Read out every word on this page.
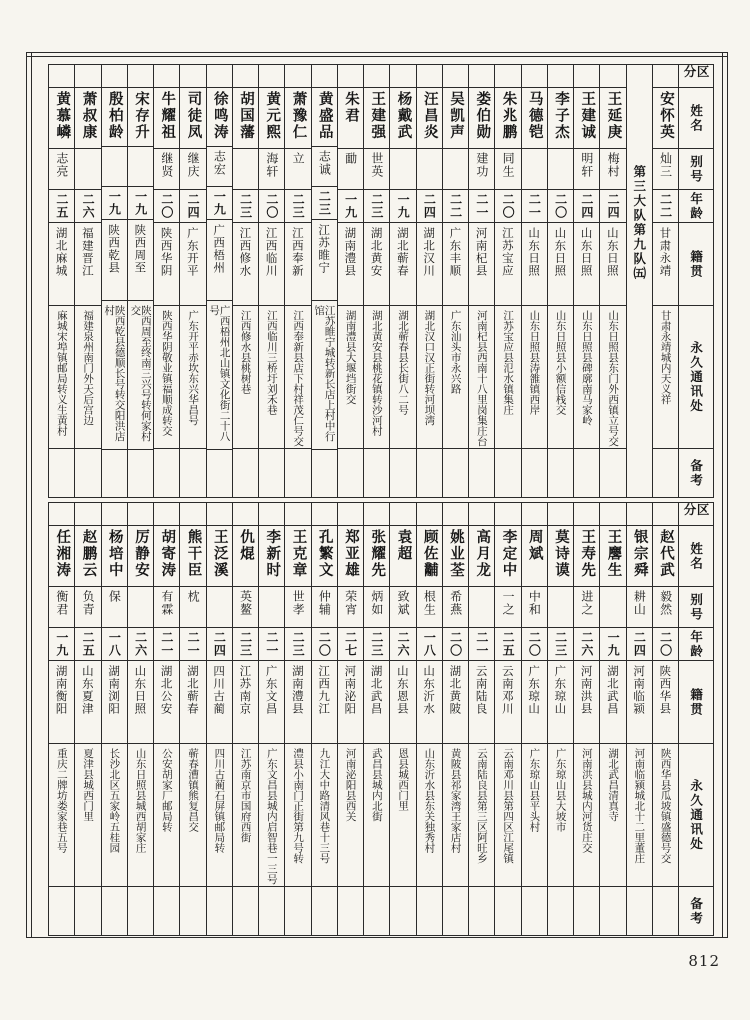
黄慕嶙
志亮
二五
湖北麻城
麻城宋埠镇邮局转义生黄村
萧叔康
二六
福建晋江
福建泉州南门外天后宫边
殷柏龄
一九
陕西乾县
陕西乾县德顺长号转交阳洪店村
宋存升
一九
陕西周至
陕西周至终南三兴号转何家村交
牛耀祖
继贤
二〇
陕西华阴
陕西华阴敬业镇福顺成转交
司徒凤
继庆
二四
广东开平
广东开平赤坎东兴华昌号
徐鸣涛
志宏
一九
广西梧州
广西梧州北山镇文化街二十八号
胡国藩
二三
江西修水
江西修水县桃树巷
黄元熙
海轩
二〇
江西临川
江西临川三桥圩刘禾巷
萧豫仁
立
二三
江西奉新
江西奉新县店下村祥茂仁号交
黄盛品
志诚
二三
江苏睢宁
江苏睢宁城转新长店上村中行馆
朱君
勔
一九
湖南澧县
湖南澧县大堰垱街交
王建强
世英
二三
湖北黄安
湖北黄安县桃花镇转沙河村
杨戴武
一九
湖北蕲春
湖北蕲春县长街八二号
汪昌炎
二四
湖北汉川
湖北汉口汉正街转河坝湾
吴凯声
二二
广东丰顺
广东汕头市永兴路
娄伯勋
建功
二一
河南杞县
河南杞县西南十八里岗集庄台
朱兆鹏
同生
二〇
江苏宝应
江苏宝应县氾水镇集庄
马德铠
二一
山东日照
山东日照县涛雒镇西岸
李子杰
二〇
山东日照
山东日照县小额信栈交
王建诚
明轩
二四
山东日照
山东日照县碑廓南马家岭
王延庚
梅村
二四
山东日照
山东日照县东门外西镇立号交
第三大队第九队㈤
安怀英
灿三
二二
甘肃永靖
甘肃永靖城内天义祥
区分
姓名
别号
年龄
籍贯
永久通讯处
备考
任湘涛
衡君
一九
湖南衡阳
重庆二牌坊娄家巷五号
赵鹏云
负青
二五
山东夏津
夏津县城西门里
杨培中
保
一八
湖南浏阳
长沙北区五家岭五桂园
厉静安
二六
山东日照
山东日照县城西胡家庄
胡寄涛
有霖
二一
湖北公安
公安胡家厂邮局转
熊干臣
枕
二一
湖北蕲春
蕲春漕镇熊复昌交
王泛溪
二四
四川古蔺
四川古蔺石屏镇邮局转
仇焜
英鳌
二三
江苏南京
江苏南京市国府西街
李新时
二一
广东文昌
广东文昌县城内启智巷一三号
王克章
世孝
二三
湖南澧县
澧县小南门正街第九号转
孔繁文
仲辅
二〇
江西九江
九江大中路清风巷十三号
郑亚雄
荣宵
二七
河南泌阳
河南泌阳县西关
张耀先
炳如
二三
湖北武昌
武昌县城内北街
袁超
致斌
二六
山东恩县
恩县城西门里
顾佐黼
根生
一八
山东沂水
山东沂水县东关独秀村
姚业荃
希燕
二〇
湖北黄陂
黄陂县祁家湾王家店村
高月龙
二一
云南陆良
云南陆良县第三区阿旺乡
李定中
一之
二五
云南邓川
云南邓川县第四区江尾镇
周斌
中和
二〇
广东琼山
广东琼山县平头村
莫诗谟
二三
广东琼山
广东琼山县大坡市
王寿先
进之
二六
河南洪县
河南洪县城内河货庄交
王麐生
一九
湖北武昌
湖北武昌清真寺
银宗舜
耕山
二四
河南临颍
河南临颍城北十二里董庄
赵代武
毅然
二〇
陕西华县
陕西华县瓜坡镇盛德号交
区分
姓名
别号
年龄
籍贯
永久通讯处
备考
812
